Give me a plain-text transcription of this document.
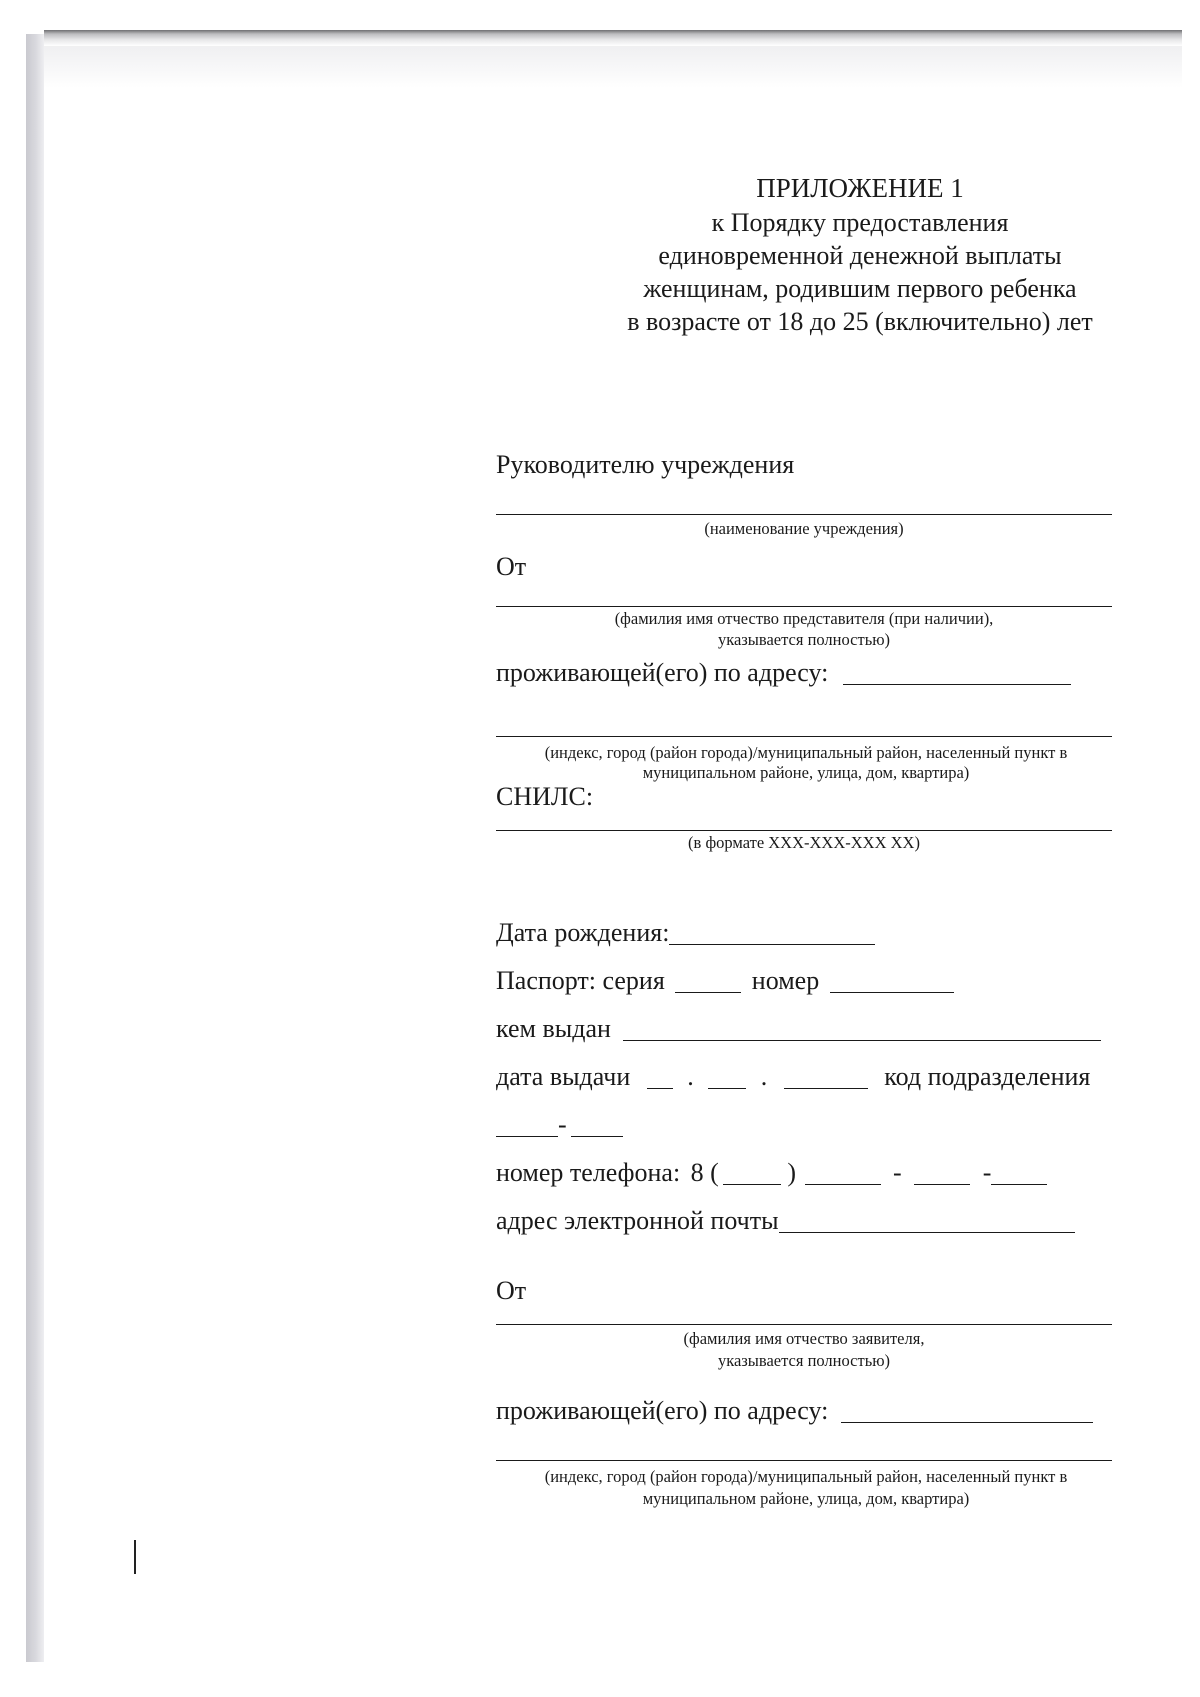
ПРИЛОЖЕНИЕ 1
к Порядку предоставления
единовременной денежной выплаты
женщинам, родившим первого ребенка
в возрасте от 18 до 25 (включительно) лет
Руководителю учреждения
(наименование учреждения)
От
(фамилия имя отчество представителя (при наличии),
указывается полностью)
проживающей(его) по адресу:
(индекс, город (район города)/муниципальный район, населенный пункт в
муниципальном районе, улица, дом, квартира)
СНИЛС:
(в формате XXX-XXX-XXX XX)
Дата рождения:
Паспорт: серия	номер
кем выдан
дата выдачи .	.	код подразделения
-
номер телефона: 8 (	)	-	-
адрес электронной почты
От
(фамилия имя отчество заявителя,
указывается полностью)
проживающей(его) по адресу:
(индекс, город (район города)/муниципальный район, населенный пункт в
муниципальном районе, улица, дом, квартира)
